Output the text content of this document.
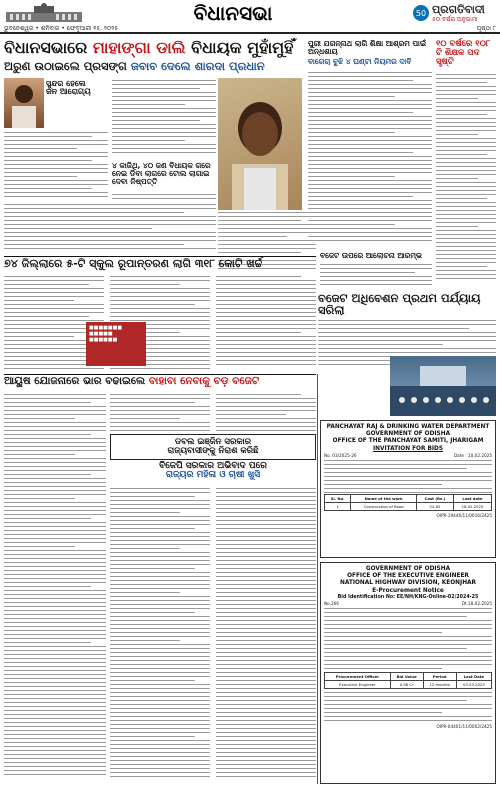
ବିଧାନସଭା	50 ପ୍ରଗତିବାଦୀ
୫୦ ବର୍ଷର ଅନୁଗାମୀ
ଭୁବନେଶ୍ୱର • ଶନିବାର • ଫେବୃଆରୀ ୧୫, ୨୦୨୫	ପୃଷ୍ଠା ୮
ବିଧାନସଭାରେ ମାହାଙ୍ଗା ଡାଲି ବିଧାୟକ ମୁହାଁମୁହିଁ
ଅରୁଣ ଉଠାଇଲେ ପ୍ରସଙ୍ଗ ଜବାବ ଦେଲେ ଶାରଦା ପ୍ରଧାନ
ସୁନ୍ଦର ହେଲେ ଜନ ଆରୋଗ୍ୟ
୪ କାଜିଥି, ୪୦ ଜଣ ବିଧାୟକ ଗରେ ନେଇ ଡିବା ଲାଗରେ ଟୋଲ ଲାଗାଇ ଦେବା ନିଷ୍ପତ୍ତି
ପୁରୀ ଯଗନ୍ନାଥ ଲାଗି ଶିକ୍ଷା ଆଶ୍ରମ ପାଇଁ ଅନ୍ଧଶାୟ
ବାଗେଚା ବୁଝି ୪ ଘଣ୍ଟା ନିୟମର ଦାବି
୧୦ ବର୍ଷରେ ୧୦୮ ଟି ଶିକ୍ଷକ ପଦ ସୃଷ୍ଟି
ବଜେଟ ଉପରେ ଆଲୋଚନା ଆରମ୍ଭ
ବଜେଟ ଅଧିବେଶନ ପ୍ରଥମ ପର୍ଯ୍ୟାୟ ସରିଲା
୭୪ ଜିଲ୍ଲାରେ ୫-ଟି ସ୍କୁଲ ରୂପାନ୍ତରଣ ଲାଗି ୩୧୮ କୋଟି ଖର୍ଚ୍ଚ
■■■■■■■
■■■■■
■■■■■■
ଆୟୁଷ ଯୋଜନାରେ ଭାର ବଢାଇଲେ ବାହାବା ନେବାକୁ ବଡ଼ ବଜେଟ
ଡବଲ ଇଞ୍ଜିନ ସରକାର
ରାଜ୍ୟବାସୀଙ୍କୁ ନିରାଶ କରିଛି
ବିଜେପି ସରକାର ଅଭିବାଦ ପରେ
ରାଜ୍ୟର ମହିଳା ଓ ଚାଷୀ ଖୁସି
PANCHAYAT RAJ & DRINKING WATER DEPARTMENT
GOVERNMENT OF ODISHA
OFFICE OF THE PANCHAYAT SAMITI, JHARIGAM
INVITATION FOR BIDS
No. 03/2025-26	Date : 10.02.2025
Sl. No.	Name of the work	Cost (Rs.)	Last date
1	Construction of Road	24.82	18.02.2025
OIPR-19446/11/0016/2425
GOVERNMENT OF ODISHA
OFFICE OF THE EXECUTIVE ENGINEER
NATIONAL HIGHWAY DIVISION, KEONJHAR
E-Procurement Notice
Bid Identification No: EE/NH/KNG-Online-02/2024-25
No.266	Dt.18.02.2025
Procurement Officer	Bid Value	Period	Last Date
Executive Engineer	0.98 Cr	12 months	03.03.2025
OIPR-04401/11/0002/2425
